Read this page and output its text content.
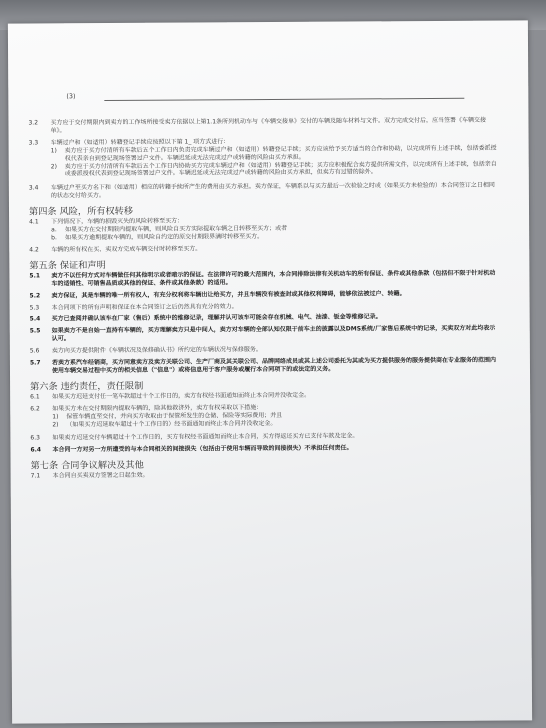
(3)
3.2	买方应于交付期限内到卖方的工作场所接受卖方依据以上第1.1条所列机动车与《车辆交接单》交付的车辆及随车材料与文件。双方完成交付后，应当签署《车辆交接单》。
3.3	车辆过户和（如适用）转籍登记手续应按照以下第 1_ 项方式进行：
1)	卖方应于买方付清所有车款后五个工作日内负责完成车辆过户和（如适用）转籍登记手续；买方应该给予买方适当的合作和协助，以完成所有上述手续，包括委派授权代表亲自到登记现场签署过户文件。车辆迟延或无法完成过户或转籍的风险由买方承担。
2)	卖方应于买方付清所有车款后五个工作日内协助买方完成车辆过户和（如适用）转籍登记手续；买方应积极配合卖方提供所需文件，以完成所有上述手续，包括亲自或委派授权代表到登记现场签署过户文件。车辆迟延或无法完成过户或转籍的风险由买方承担，但卖方有过错的除外。
3.4	车辆过户至买方名下和（如适用）相应的转籍手续所产生的费用由买方承担。卖方保证，车辆系以与买方最后一次检验之时或（如果买方未检验的）本合同签订之日相同的状态交付给买方。
第四条 风险，所有权转移
4.1	下列情况下，车辆的损毁灭失的风险转移至买方：
a.	如果买方在交付期限内提取车辆，则风险自买方实际提取车辆之日转移至买方；或者
b.	如果买方逾期提取车辆的，则风险自约定的原交付期限界满时转移至买方。
4.2	车辆的所有权在买、卖双方完成车辆交付时转移至买方。
第五条 保证和声明
5.1	卖方不以任何方式对车辆做任何其他明示或者暗示的保证。在法律许可的最大范围内，本合同排除法律有关机动车的所有保证、条件或其他条款（包括但不限于针对机动车的适销性、可销售品质或其他的保证、条件或其他条款）的适用。
5.2	卖方保证，其是车辆的唯一所有权人，有充分权利将车辆出让给买方，并且车辆没有被查封或其他权利障碍，能够依法被过户、转籍。
5.3	本合同项下的所有声明和保证在本合同签订之后仍然具有充分的效力。
5.4	买方已查阅并确认该车在厂家（售后）系统中的维修记录，理解并认可该车可能会存在机械、电气、油漆、钣金等维修记录。
5.5	如果卖方不是自始一直持有车辆的，买方理解卖方只是中间人，卖方对车辆的全部认知仅限于前车主的披露以及DMS系统/厂家售后系统中的记录，买卖双方对此均表示认可。
5.6	卖方向买方提供附件《车辆状况及保修确认书》所约定的车辆状况与保修服务。
5.7	若卖方系汽车经销商，买方同意卖方及卖方关联公司、生产厂商及其关联公司、品牌网络成员或其上述公司委托为其或为买方提供服务的服务提供商在专业服务的范围内使用车辆交易过程中买方的相关信息（"信息"）或将信息用于客户服务或履行本合同项下的或法定的义务。
第六条 违约责任，责任限制
6.1	如果买方迟延支付任一笔车款超过十个工作日的，卖方有权经书面通知而终止本合同并没收定金。
6.2	如果买方未在交付期限内提取车辆的，除其他救济外，卖方有权采取以下措施：
1)	保管车辆直至交付，并向买方收取由于保管所发生的仓储、保险等实际费用；并且
2)	（如果买方迟延取车超过十个工作日的）经书面通知而终止本合同并没收定金。
6.3	如果卖方迟延交付车辆超过十个工作日的，买方有权经书面通知而终止本合同，买方得返还买方已支付车款及定金。
6.4	本合同一方对另一方所遭受的与本合同相关的间接损失（包括由于使用车辆而导致的间接损失）不承担任何责任。
第七条 合同争议解决及其他
7.1	本合同自买卖双方签署之日起生效。
